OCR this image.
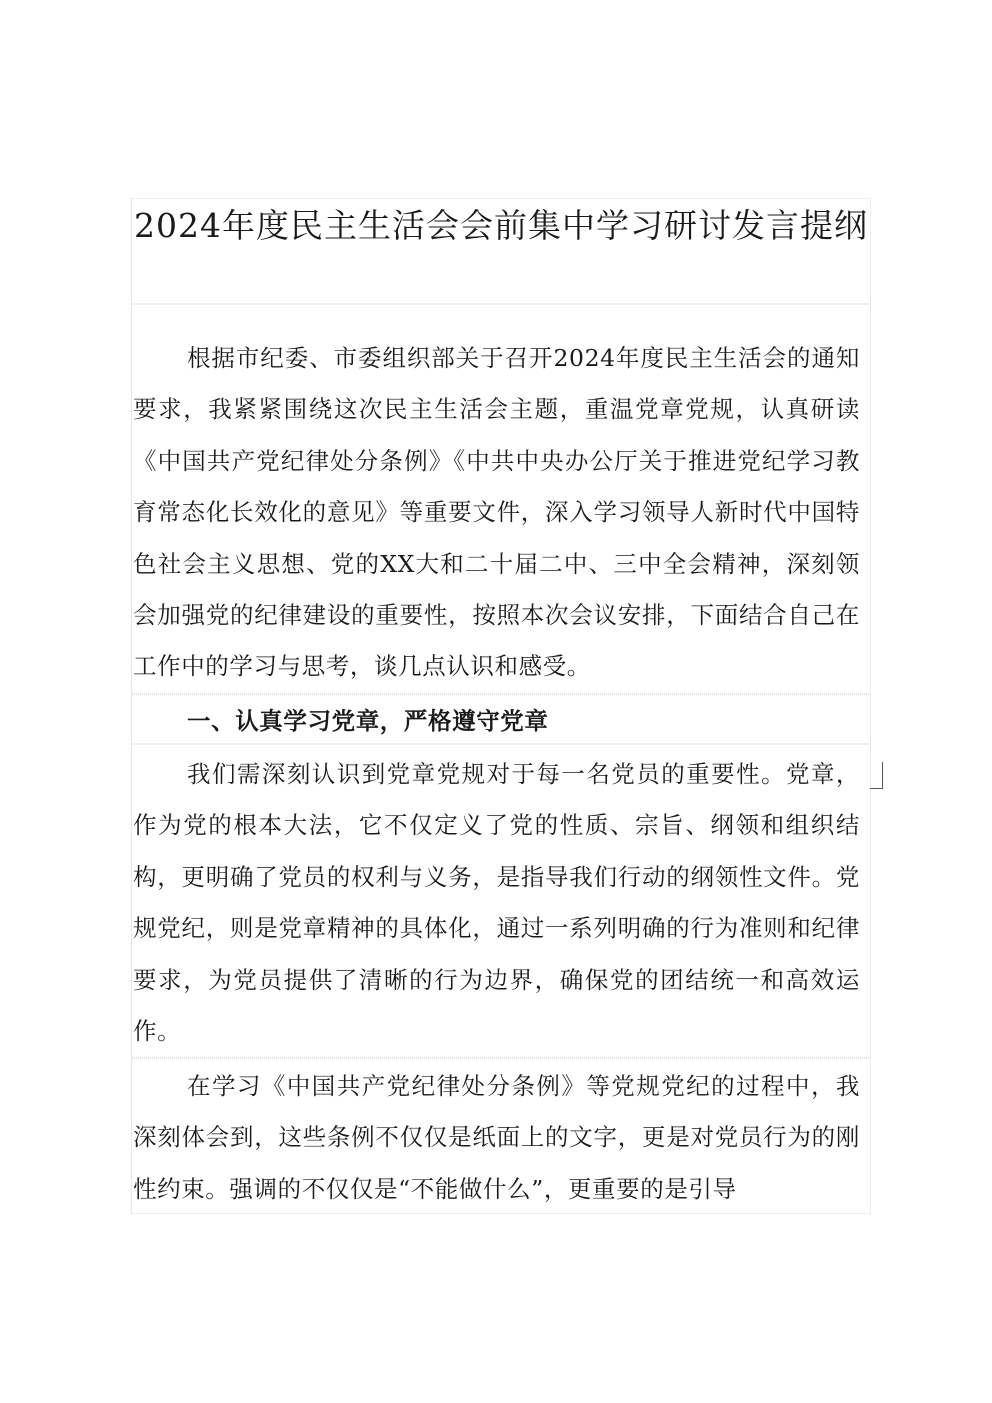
2024年度民主生活会会前集中学习研讨发言提纲

根据市纪委、市委组织部关于召开2024年度民主生活会的通知要求，我紧紧围绕这次民主生活会主题，重温党章党规，认真研读《中国共产党纪律处分条例》《中共中央办公厅关于推进党纪学习教育常态化长效化的意见》等重要文件，深入学习领导人新时代中国特色社会主义思想、党的XX大和二十届二中、三中全会精神，深刻领会加强党的纪律建设的重要性，按照本次会议安排，下面结合自己在工作中的学习与思考，谈几点认识和感受。

一、认真学习党章，严格遵守党章

我们需深刻认识到党章党规对于每一名党员的重要性。党章，作为党的根本大法，它不仅定义了党的性质、宗旨、纲领和组织结构，更明确了党员的权利与义务，是指导我们行动的纲领性文件。党规党纪，则是党章精神的具体化，通过一系列明确的行为准则和纪律要求，为党员提供了清晰的行为边界，确保党的团结统一和高效运作。

在学习《中国共产党纪律处分条例》等党规党纪的过程中，我深刻体会到，这些条例不仅仅是纸面上的文字，更是对党员行为的刚性约束。强调的不仅仅是“不能做什么”，更重要的是引导
